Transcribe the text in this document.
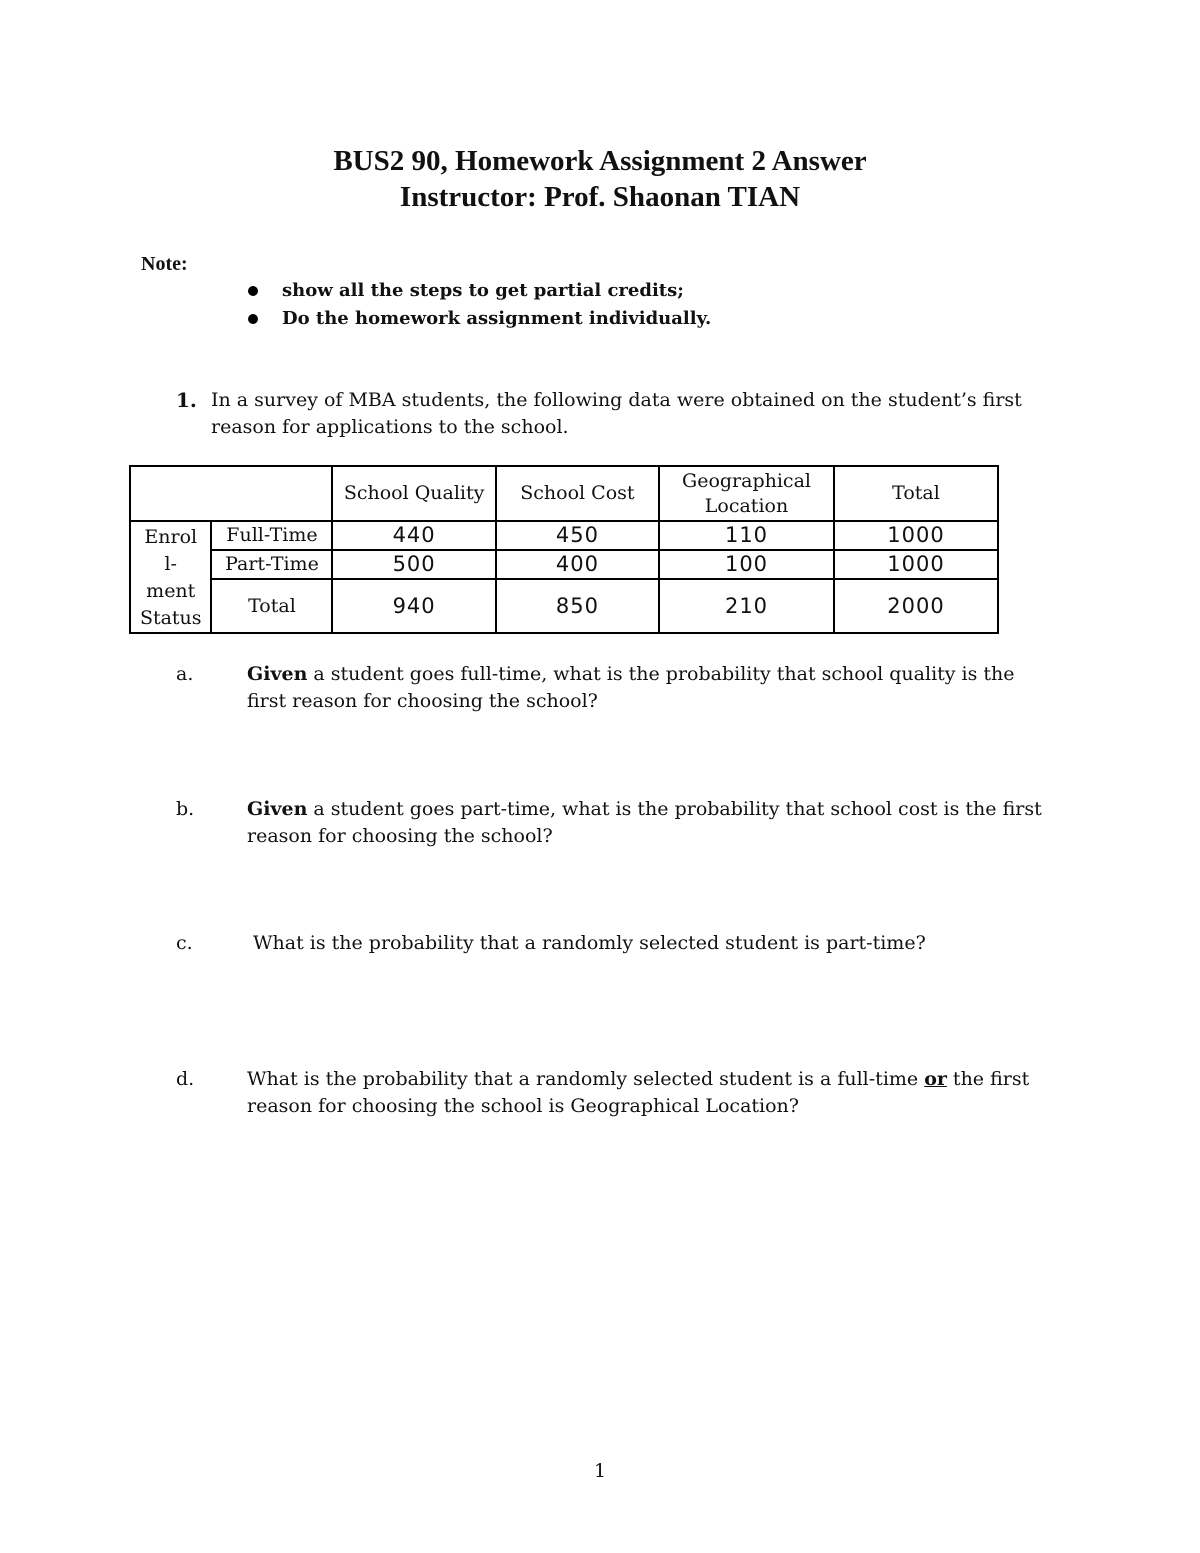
BUS2 90, Homework Assignment 2 Answer
Instructor: Prof. Shaonan TIAN
Note:
show all the steps to get partial credits;
Do the homework assignment individually.
1. In a survey of MBA students, the following data were obtained on the student’s first reason for applications to the school.
		School Quality	School Cost	Geographical Location	Total
Enrol
l-
ment
Status	Full-Time	440	450	110	1000
	Part-Time	500	400	100	1000
	Total	940	850	210	2000
a.	Given a student goes full-time, what is the probability that school quality is the first reason for choosing the school?
b.	Given a student goes part-time, what is the probability that school cost is the first reason for choosing the school?
c.	What is the probability that a randomly selected student is part-time?
d.	What is the probability that a randomly selected student is a full-time or the first reason for choosing the school is Geographical Location?
1
